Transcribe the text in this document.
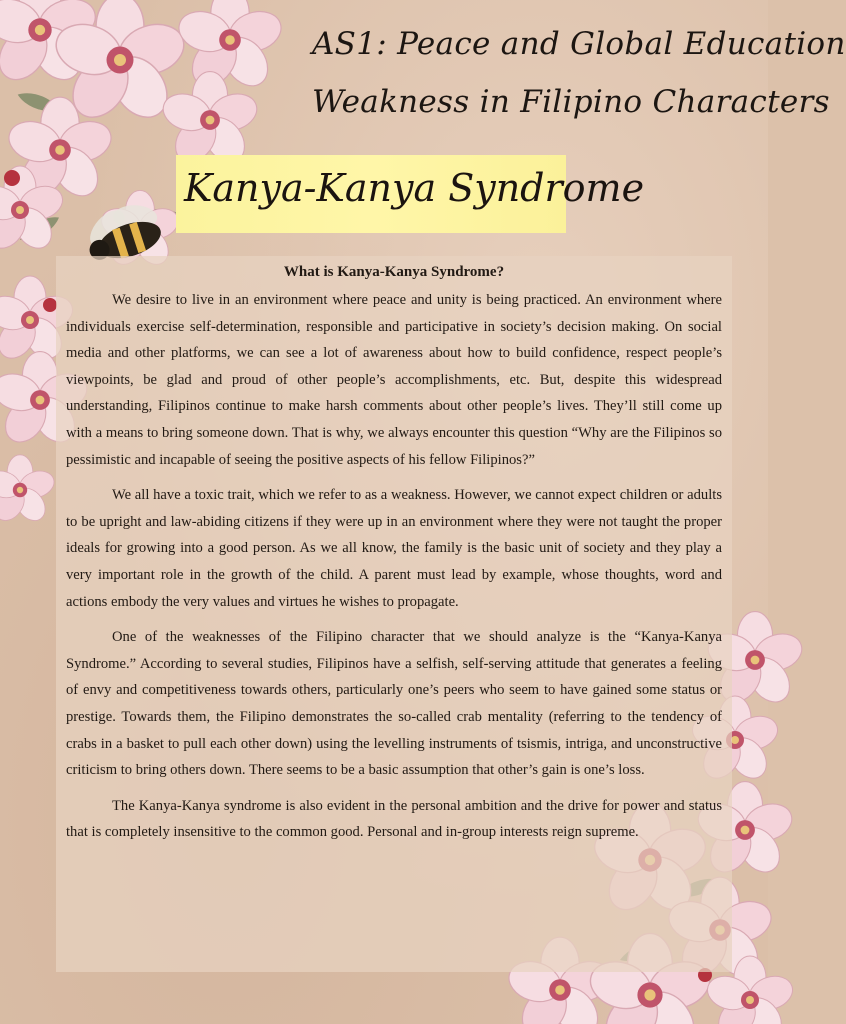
AS1: Peace and Global Education
Weakness in Filipino Characters
Kanya-Kanya Syndrome
What is Kanya-Kanya Syndrome?

We desire to live in an environment where peace and unity is being practiced. An environment where individuals exercise self-determination, responsible and participative in society’s decision making. On social media and other platforms, we can see a lot of awareness about how to build confidence, respect people’s viewpoints, be glad and proud of other people’s accomplishments, etc. But, despite this widespread understanding, Filipinos continue to make harsh comments about other people’s lives. They’ll still come up with a means to bring someone down. That is why, we always encounter this question “Why are the Filipinos so pessimistic and incapable of seeing the positive aspects of his fellow Filipinos?”

We all have a toxic trait, which we refer to as a weakness. However, we cannot expect children or adults to be upright and law-abiding citizens if they were up in an environment where they were not taught the proper ideals for growing into a good person. As we all know, the family is the basic unit of society and they play a very important role in the growth of the child. A parent must lead by example, whose thoughts, word and actions embody the very values and virtues he wishes to propagate.

One of the weaknesses of the Filipino character that we should analyze is the “Kanya-Kanya Syndrome.” According to several studies, Filipinos have a selfish, self-serving attitude that generates a feeling of envy and competitiveness towards others, particularly one’s peers who seem to have gained some status or prestige. Towards them, the Filipino demonstrates the so-called crab mentality (referring to the tendency of crabs in a basket to pull each other down) using the levelling instruments of tsismis, intriga, and unconstructive criticism to bring others down. There seems to be a basic assumption that other’s gain is one’s loss.

The Kanya-Kanya syndrome is also evident in the personal ambition and the drive for power and status that is completely insensitive to the common good. Personal and in-group interests reign supreme.
